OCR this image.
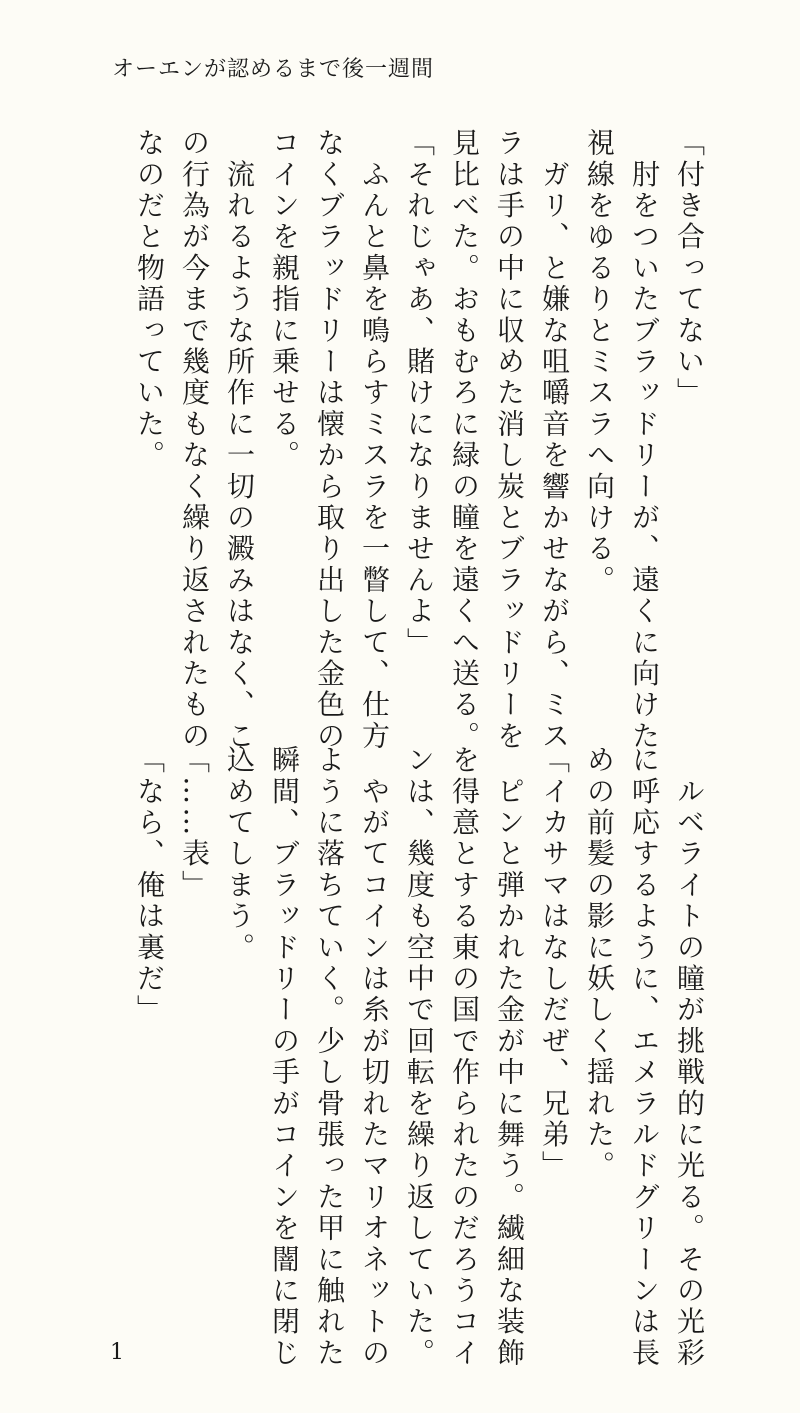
オーエンが認めるまで後一週間

「付き合ってない」

　肘をついたブラッドリーが、遠くに向けた

視線をゆるりとミスラへ向ける。

　ガリ、と嫌な咀嚼音を響かせながら、ミス

ラは手の中に収めた消し炭とブラッドリーを

見比べた。おもむろに緑の瞳を遠くへ送る。

「それじゃあ、賭けになりませんよ」

　ふんと鼻を鳴らすミスラを一瞥して、仕方

なくブラッドリーは懐から取り出した金色の

コインを親指に乗せる。

　流れるような所作に一切の澱みはなく、こ

の行為が今まで幾度もなく繰り返されたもの

なのだと物語っていた。

　ルベライトの瞳が挑戦的に光る。その光彩

に呼応するように、エメラルドグリーンは長

めの前髪の影に妖しく揺れた。

「イカサマはなしだぜ、兄弟」

　ピンと弾かれた金が中に舞う。繊細な装飾

を得意とする東の国で作られたのだろうコイ

ンは、幾度も空中で回転を繰り返していた。

　やがてコインは糸が切れたマリオネットの

ように落ちていく。少し骨張った甲に触れた

瞬間、ブラッドリーの手がコインを闇に閉じ

込めてしまう。

「……表」

「なら、俺は裏だ」

1
